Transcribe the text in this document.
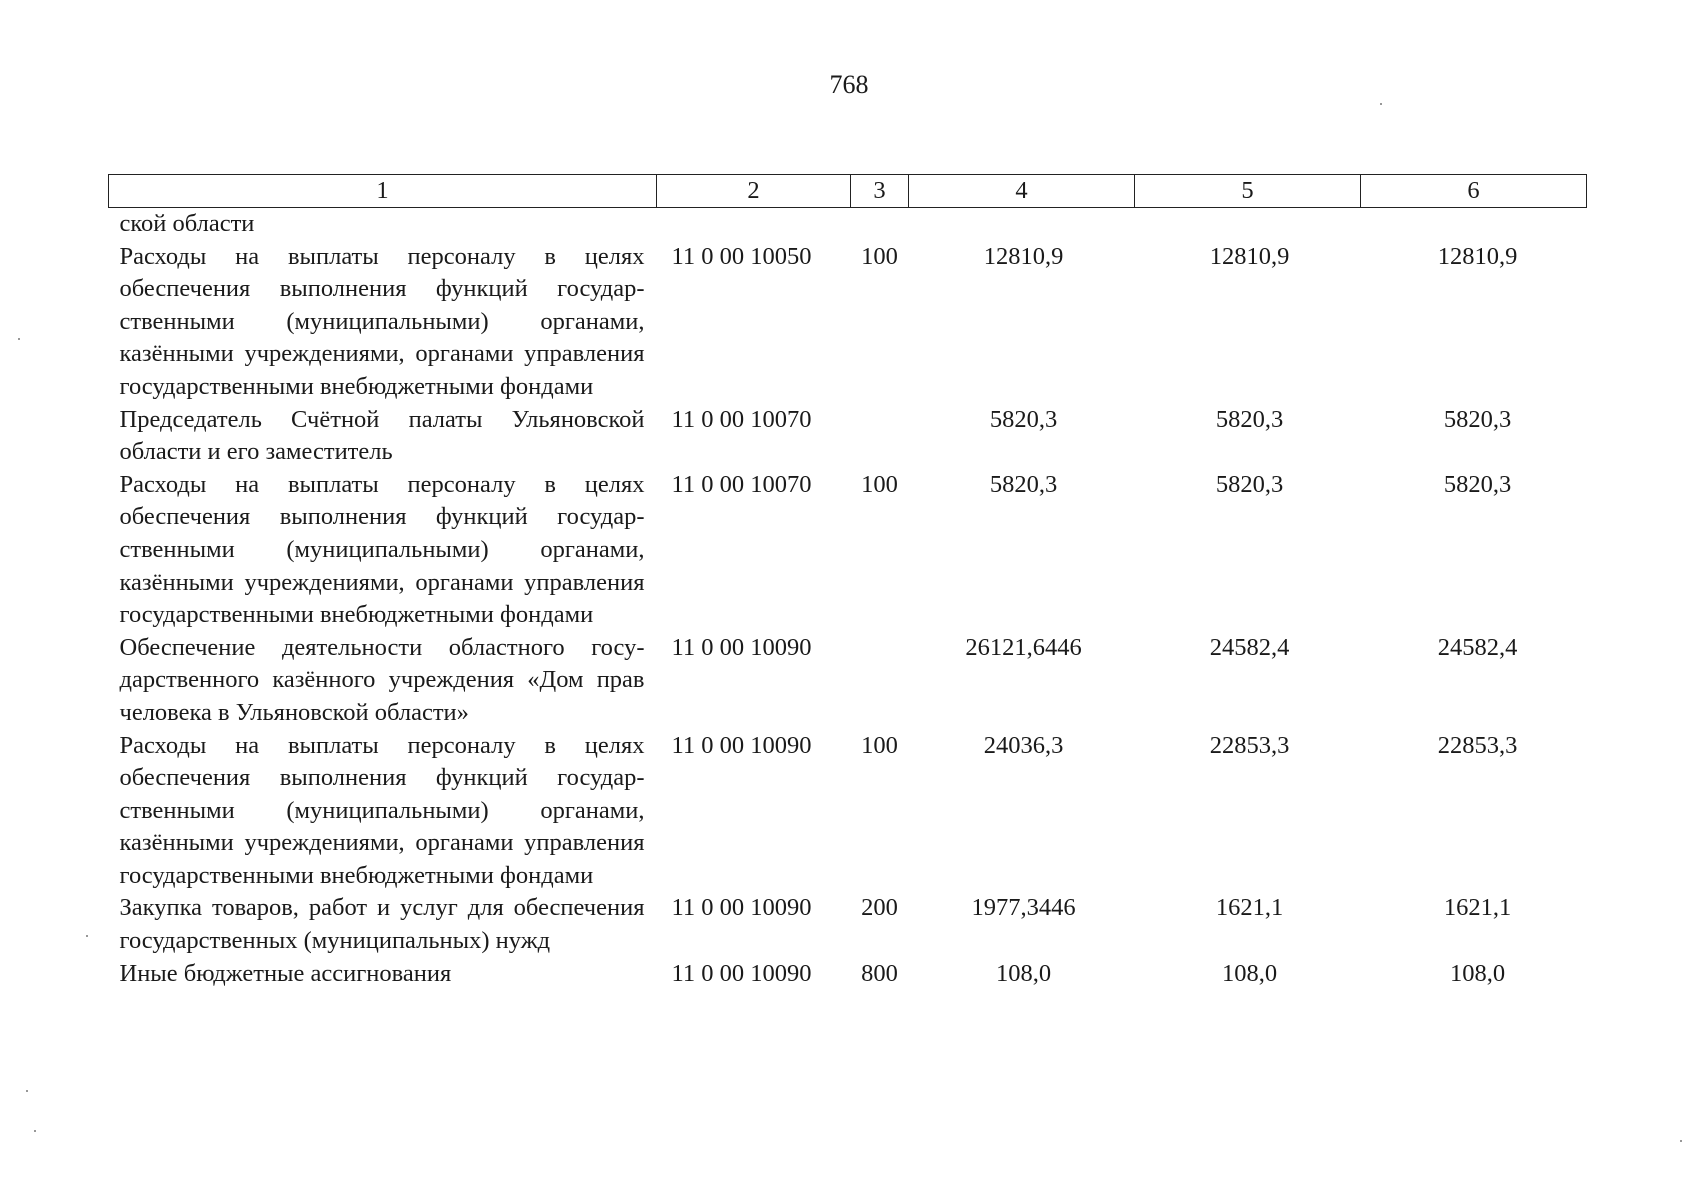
768
1	2	3	4	5	6
ской области					
Расходы на выплаты персоналу в целях обеспечения выполнения функций государственными (муниципальными) органами, казёнными учреждениями, органами управления государственными внебюджетными фондами	11 0 00 10050	100	12810,9	12810,9	12810,9
Председатель Счётной палаты Ульяновской области и его заместитель	11 0 00 10070		5820,3	5820,3	5820,3
Расходы на выплаты персоналу в целях обеспечения выполнения функций государственными (муниципальными) органами, казёнными учреждениями, органами управления государственными внебюджетными фондами	11 0 00 10070	100	5820,3	5820,3	5820,3
Обеспечение деятельности областного государственного казённого учреждения «Дом прав человека в Ульяновской области»	11 0 00 10090		26121,6446	24582,4	24582,4
Расходы на выплаты персоналу в целях обеспечения выполнения функций государственными (муниципальными) органами, казёнными учреждениями, органами управления государственными внебюджетными фондами	11 0 00 10090	100	24036,3	22853,3	22853,3
Закупка товаров, работ и услуг для обеспечения государственных (муниципальных) нужд	11 0 00 10090	200	1977,3446	1621,1	1621,1
Иные бюджетные ассигнования	11 0 00 10090	800	108,0	108,0	108,0
